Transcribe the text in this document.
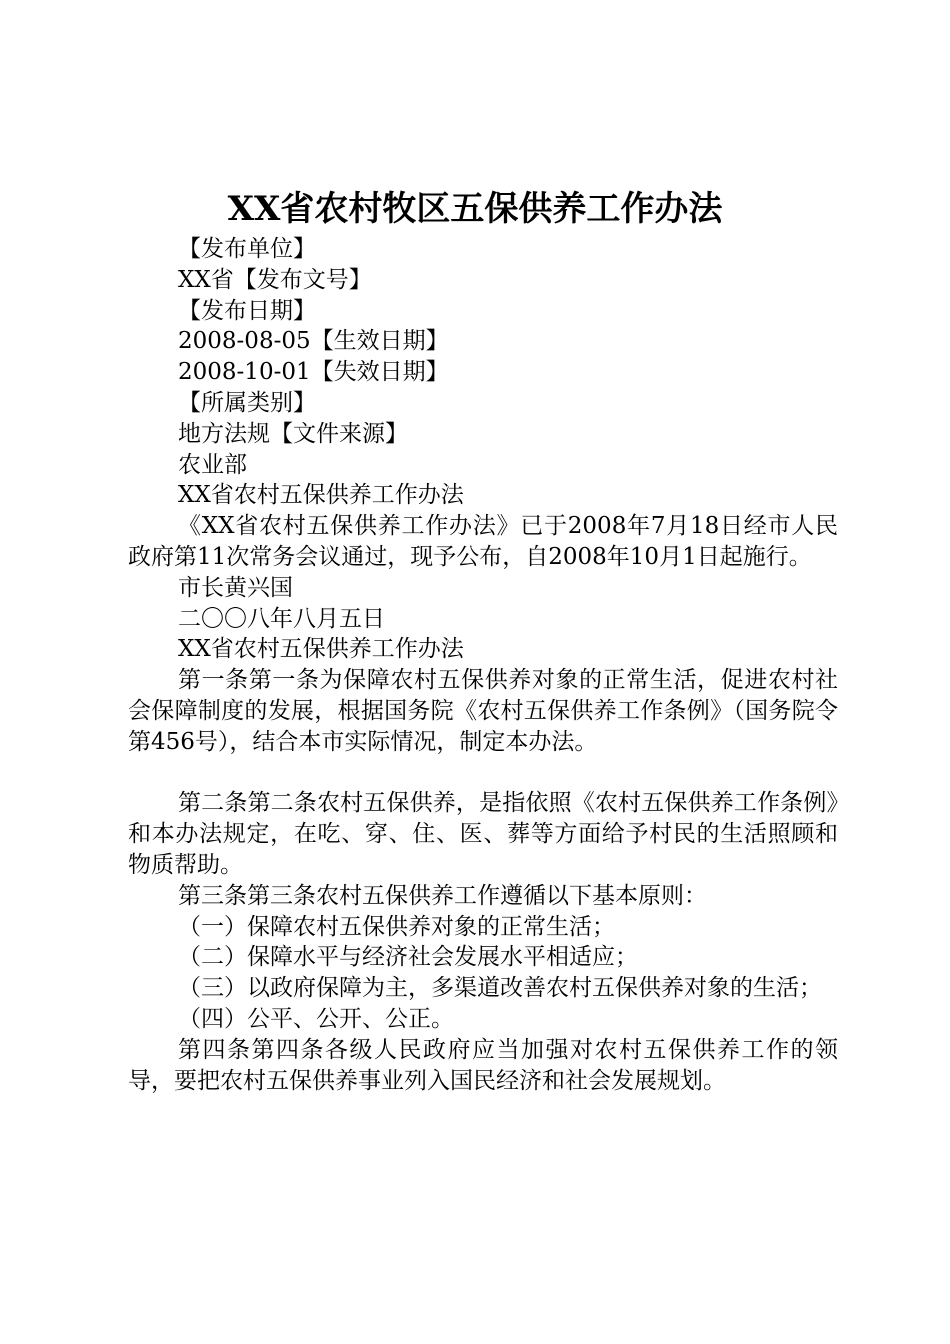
XX省农村牧区五保供养工作办法

【发布单位】

XX省【发布文号】

【发布日期】

2008-08-05【生效日期】

2008-10-01【失效日期】

【所属类别】

地方法规【文件来源】

农业部

XX省农村五保供养工作办法

《XX省农村五保供养工作办法》已于2008年7月18日经市人民政府第11次常务会议通过，现予公布，自2008年10月1日起施行。

市长黄兴国

二〇〇八年八月五日

XX省农村五保供养工作办法

第一条第一条为保障农村五保供养对象的正常生活，促进农村社会保障制度的发展，根据国务院《农村五保供养工作条例》（国务院令第456号），结合本市实际情况，制定本办法。

第二条第二条农村五保供养，是指依照《农村五保供养工作条例》和本办法规定，在吃、穿、住、医、葬等方面给予村民的生活照顾和物质帮助。

第三条第三条农村五保供养工作遵循以下基本原则：

（一）保障农村五保供养对象的正常生活；

（二）保障水平与经济社会发展水平相适应；

（三）以政府保障为主，多渠道改善农村五保供养对象的生活；

（四）公平、公开、公正。

第四条第四条各级人民政府应当加强对农村五保供养工作的领导，要把农村五保供养事业列入国民经济和社会发展规划。
